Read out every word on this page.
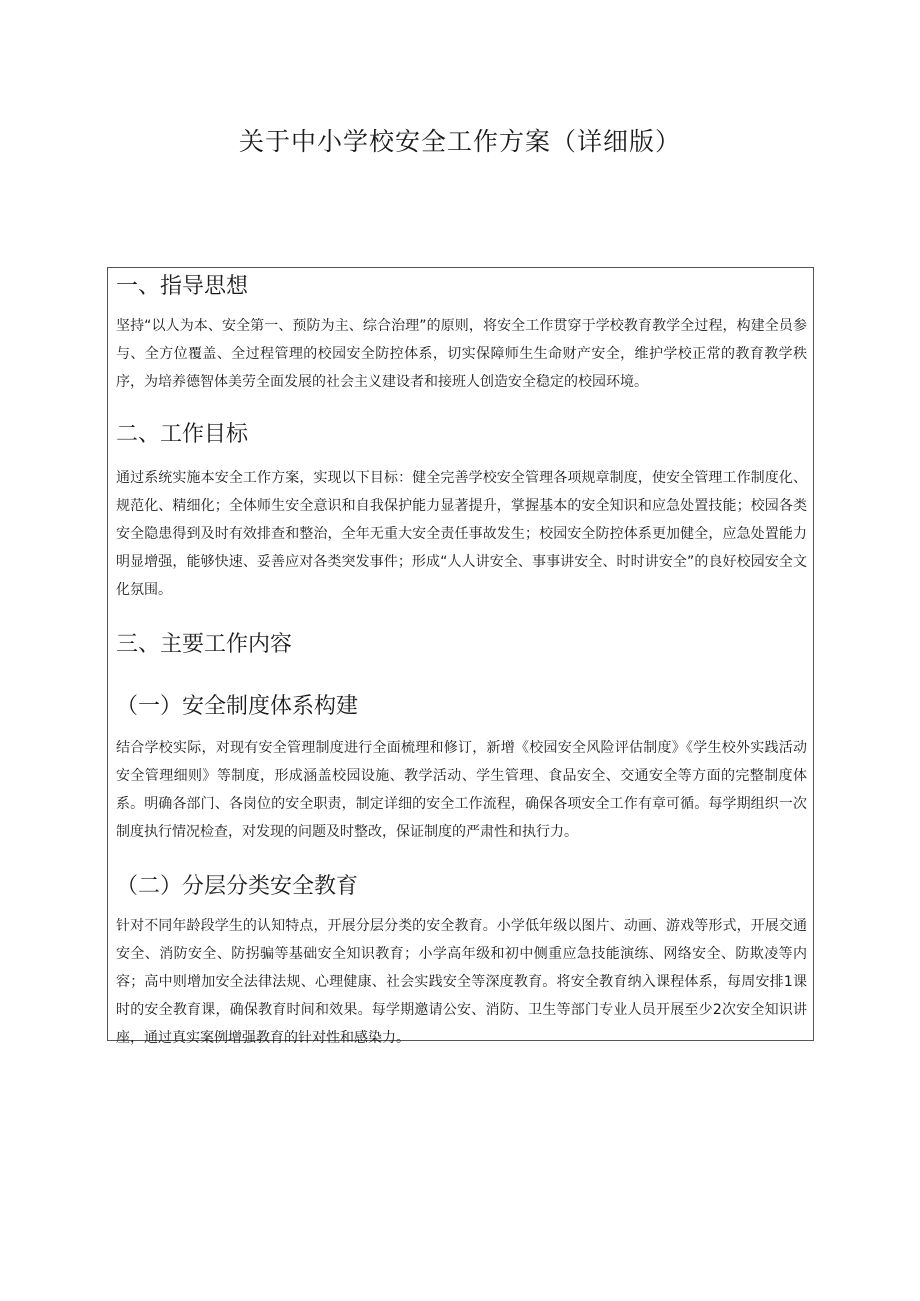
关于中小学校安全工作方案（详细版）
一、指导思想

坚持“以人为本、安全第一、预防为主、综合治理”的原则，将安全工作贯穿于学校教育教学全过程，构建全员参与、全方位覆盖、全过程管理的校园安全防控体系，切实保障师生生命财产安全，维护学校正常的教育教学秩序，为培养德智体美劳全面发展的社会主义建设者和接班人创造安全稳定的校园环境。

二、工作目标

通过系统实施本安全工作方案，实现以下目标：健全完善学校安全管理各项规章制度，使安全管理工作制度化、规范化、精细化；全体师生安全意识和自我保护能力显著提升，掌握基本的安全知识和应急处置技能；校园各类安全隐患得到及时有效排查和整治，全年无重大安全责任事故发生；校园安全防控体系更加健全，应急处置能力明显增强，能够快速、妥善应对各类突发事件；形成“人人讲安全、事事讲安全、时时讲安全”的良好校园安全文化氛围。

三、主要工作内容
（一）安全制度体系构建

结合学校实际，对现有安全管理制度进行全面梳理和修订，新增《校园安全风险评估制度》《学生校外实践活动安全管理细则》等制度，形成涵盖校园设施、教学活动、学生管理、食品安全、交通安全等方面的完整制度体系。明确各部门、各岗位的安全职责，制定详细的安全工作流程，确保各项安全工作有章可循。每学期组织一次制度执行情况检查，对发现的问题及时整改，保证制度的严肃性和执行力。

（二）分层分类安全教育

针对不同年龄段学生的认知特点，开展分层分类的安全教育。小学低年级以图片、动画、游戏等形式，开展交通安全、消防安全、防拐骗等基础安全知识教育；小学高年级和初中侧重应急技能演练、网络安全、防欺凌等内容；高中则增加安全法律法规、心理健康、社会实践安全等深度教育。将安全教育纳入课程体系，每周安排1课时的安全教育课，确保教育时间和效果。每学期邀请公安、消防、卫生等部门专业人员开展至少2次安全知识讲座，通过真实案例增强教育的针对性和感染力。
